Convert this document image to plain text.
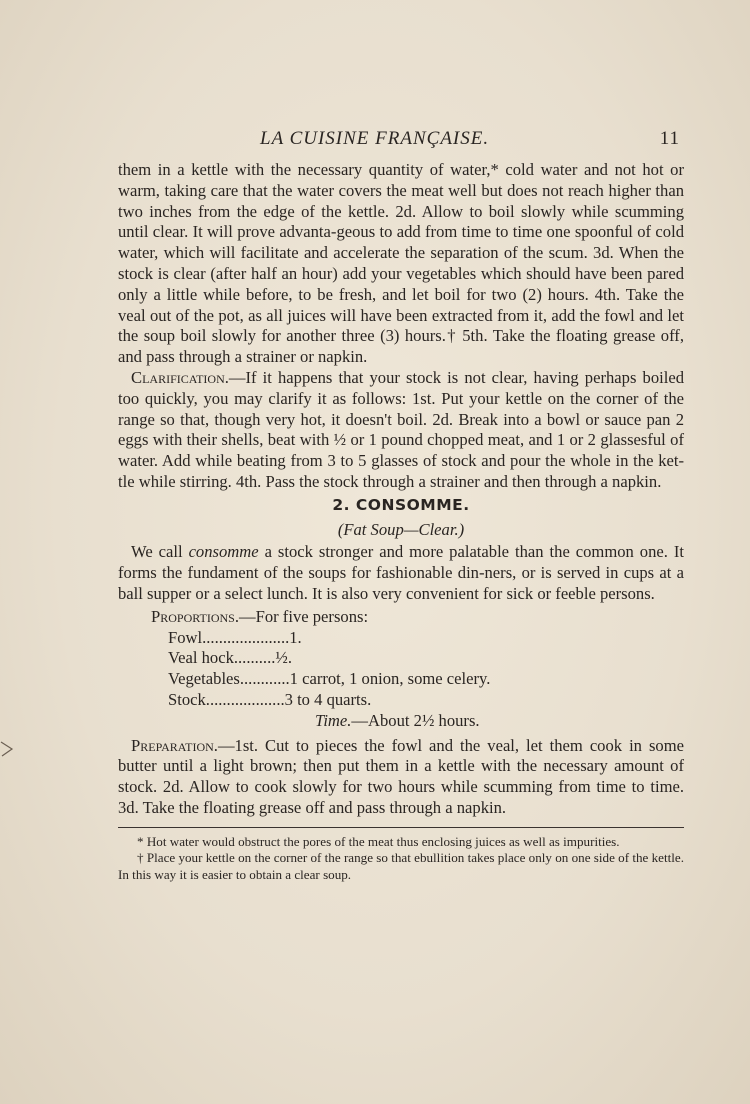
LA CUISINE FRANÇAISE.	11

them in a kettle with the necessary quantity of water,* cold water and not hot or warm, taking care that the water covers the meat well but does not reach higher than two inches from the edge of the kettle. 2d. Allow to boil slowly while scumming until clear. It will prove advanta-geous to add from time to time one spoonful of cold water, which will facilitate and accelerate the separation of the scum. 3d. When the stock is clear (after half an hour) add your vegetables which should have been pared only a little while before, to be fresh, and let boil for two (2) hours. 4th. Take the veal out of the pot, as all juices will have been extracted from it, add the fowl and let the soup boil slowly for another three (3) hours.† 5th. Take the floating grease off, and pass through a strainer or napkin.

Clarification.—If it happens that your stock is not clear, having perhaps boiled too quickly, you may clarify it as follows: 1st. Put your kettle on the corner of the range so that, though very hot, it doesn't boil. 2d. Break into a bowl or sauce pan 2 eggs with their shells, beat with ½ or 1 pound chopped meat, and 1 or 2 glassesful of water. Add while beating from 3 to 5 glasses of stock and pour the whole in the ket-tle while stirring. 4th. Pass the stock through a strainer and then through a napkin.

2. CONSOMME.
(Fat Soup—Clear.)

We call consomme a stock stronger and more palatable than the common one. It forms the fundament of the soups for fashionable din-ners, or is served in cups at a ball supper or a select lunch. It is also very convenient for sick or feeble persons.

Proportions.—For five persons:
Fowl.....................1.
Veal hock..........½.
Vegetables............1 carrot, 1 onion, some celery.
Stock...................3 to 4 quarts.
Time.—About 2½ hours.

Preparation.—1st. Cut to pieces the fowl and the veal, let them cook in some butter until a light brown; then put them in a kettle with the necessary amount of stock. 2d. Allow to cook slowly for two hours while scumming from time to time. 3d. Take the floating grease off and pass through a napkin.

* Hot water would obstruct the pores of the meat thus enclosing juices as well as impurities.

† Place your kettle on the corner of the range so that ebullition takes place only on one side of the kettle. In this way it is easier to obtain a clear soup.
